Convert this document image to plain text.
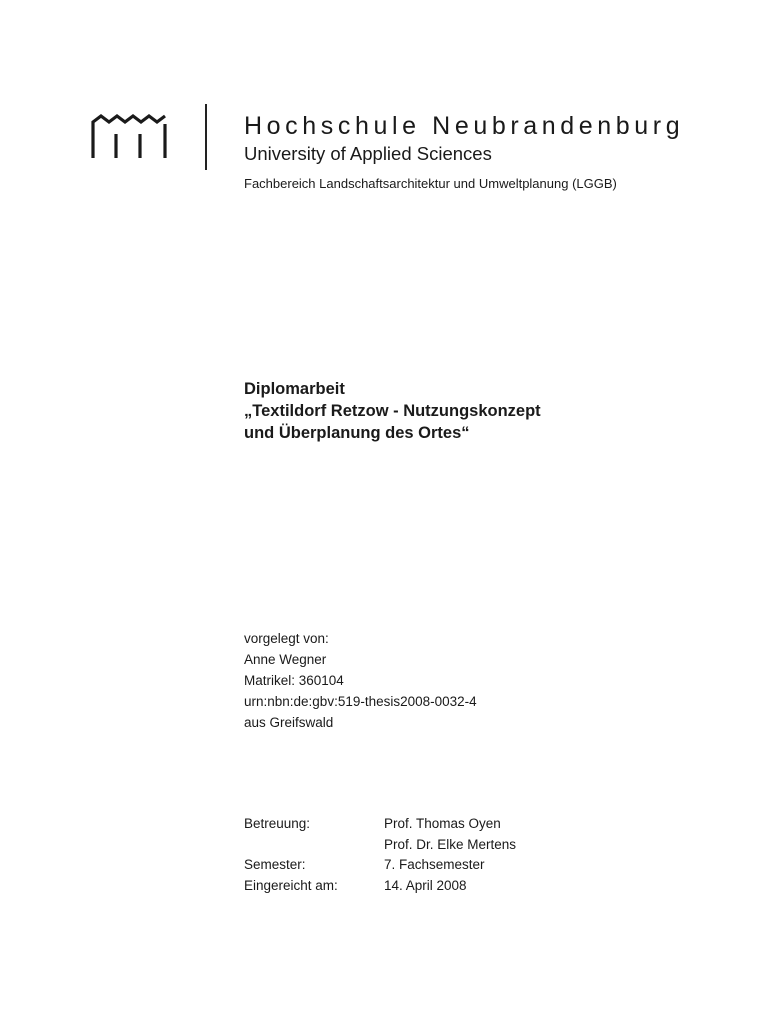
Hochschule Neubrandenburg
University of Applied Sciences
Fachbereich Landschaftsarchitektur und Umweltplanung (LGGB)
Diplomarbeit
„Textildorf Retzow - Nutzungskonzept
und Überplanung des Ortes“
vorgelegt von:
Anne Wegner
Matrikel: 360104
urn:nbn:de:gbv:519-thesis2008-0032-4
aus Greifswald
Betreuung:	Prof. Thomas Oyen
Prof. Dr. Elke Mertens
Semester:	7. Fachsemester
Eingereicht am:	14. April 2008
